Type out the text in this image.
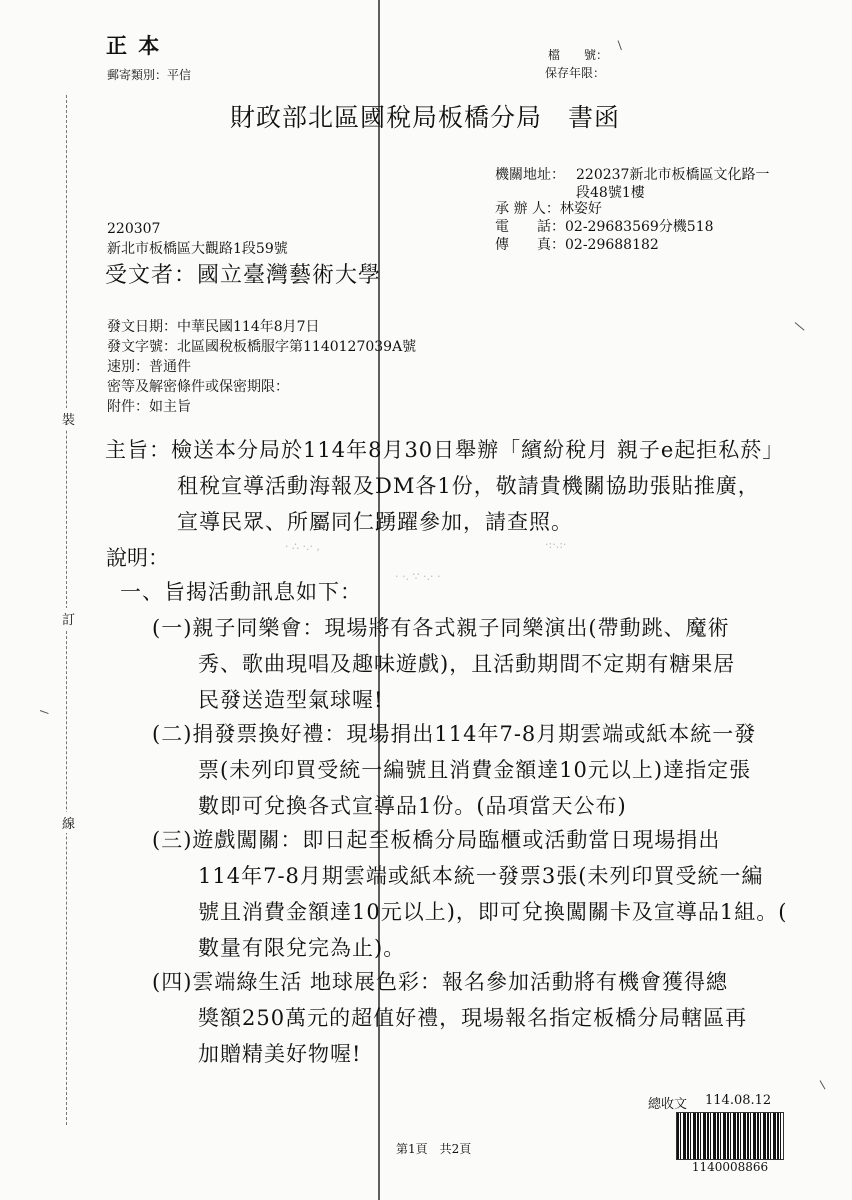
裝
訂
線
· ∴ ·.· ,
· ·. ∵ ·.· ·
·:·.:·
正 本
郵寄類別：平信
檔　　號：
保存年限：
財政部北區國稅局板橋分局　書函
機關地址： 220237新北市板橋區文化路一
段48號1樓
承 辦 人：林姿好
電　　話：02-29683569分機518
傳　　真：02-29688182
220307
新北市板橋區大觀路1段59號
受文者：國立臺灣藝術大學
發文日期：中華民國114年8月7日
發文字號：北區國稅板橋服字第1140127039A號
速別：普通件
密等及解密條件或保密期限：
附件：如主旨
主旨：檢送本分局於114年8月30日舉辦「繽紛稅月 親子e起拒私菸」
租稅宣導活動海報及DM各1份，敬請貴機關協助張貼推廣，
宣導民眾、所屬同仁踴躍參加，請查照。
說明：
一、旨揭活動訊息如下：
(一)親子同樂會：現場將有各式親子同樂演出(帶動跳、魔術
秀、歌曲現唱及趣味遊戲)，且活動期間不定期有糖果居
民發送造型氣球喔!
(二)捐發票換好禮：現場捐出114年7-8月期雲端或紙本統一發
票(未列印買受統一編號且消費金額達10元以上)達指定張
數即可兌換各式宣導品1份。(品項當天公布)
(三)遊戲闖關：即日起至板橋分局臨櫃或活動當日現場捐出
114年7-8月期雲端或紙本統一發票3張(未列印買受統一編
號且消費金額達10元以上)，即可兌換闖關卡及宣導品1組。(
數量有限兌完為止)。
(四)雲端綠生活 地球展色彩：報名參加活動將有機會獲得總
獎額250萬元的超值好禮，現場報名指定板橋分局轄區再
加贈精美好物喔!
總收文 114.08.12
第1頁　共2頁
1140008866
